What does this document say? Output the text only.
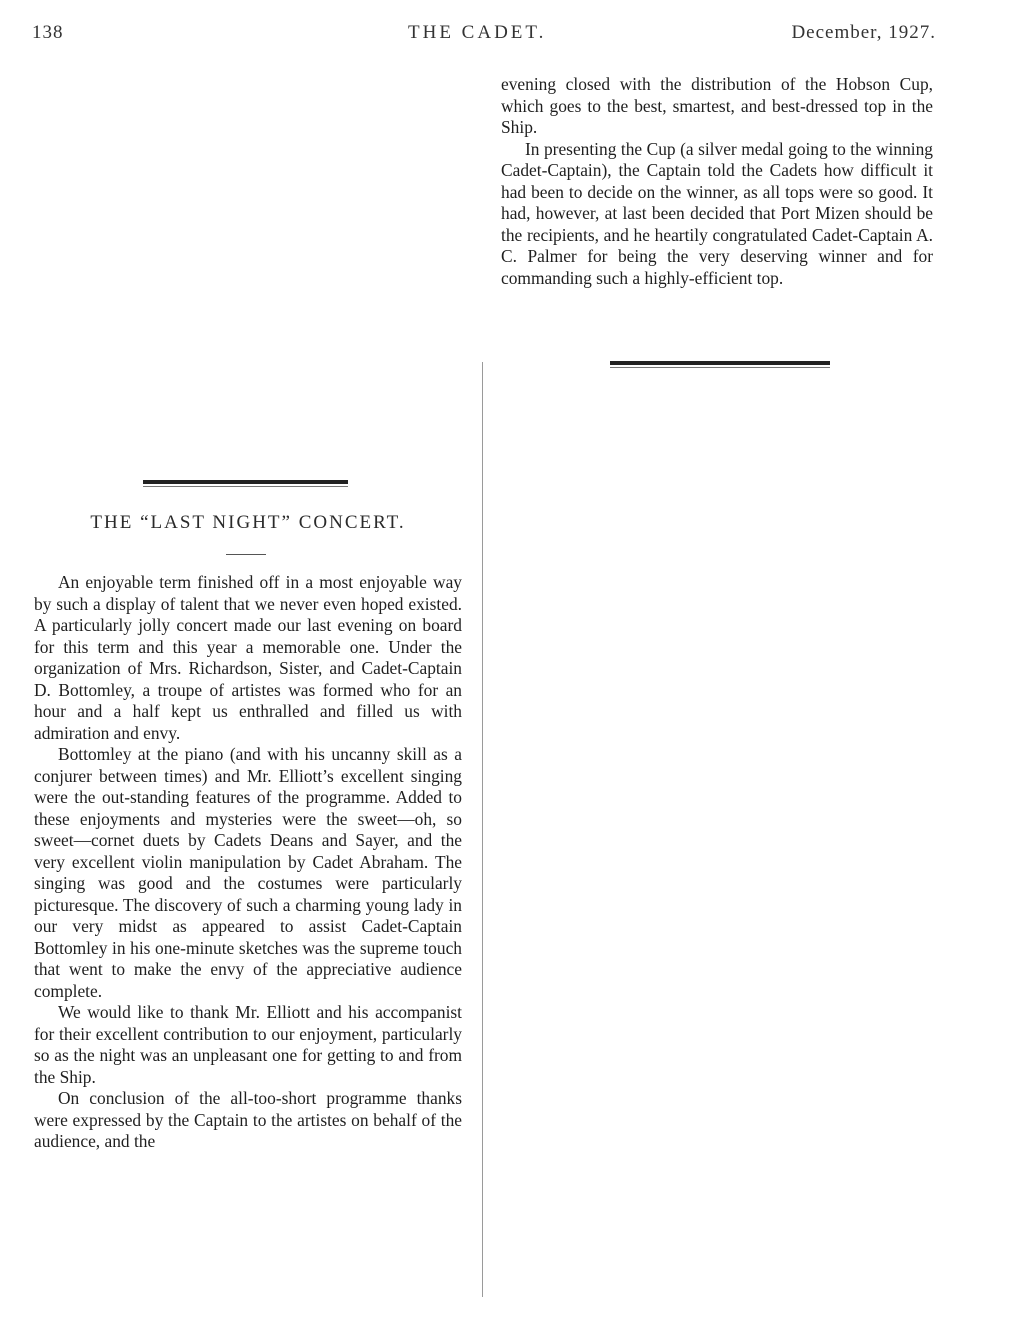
138	THE CADET.	December, 1927.

evening closed with the distribution of the Hobson Cup, which goes to the best, smartest, and best-dressed top in the Ship.

In presenting the Cup (a silver medal going to the winning Cadet-Captain), the Captain told the Cadets how difficult it had been to decide on the winner, as all tops were so good. It had, however, at last been decided that Port Mizen should be the recipients, and he heartily congratulated Cadet-Captain A. C. Palmer for being the very deserving winner and for commanding such a highly-efficient top.

THE “LAST NIGHT” CONCERT.

An enjoyable term finished off in a most enjoyable way by such a display of talent that we never even hoped existed. A particularly jolly concert made our last evening on board for this term and this year a memorable one. Under the organization of Mrs. Richardson, Sister, and Cadet-Captain D. Bottomley, a troupe of artistes was formed who for an hour and a half kept us enthralled and filled us with admiration and envy.

Bottomley at the piano (and with his uncanny skill as a conjurer between times) and Mr. Elliott’s excellent singing were the out-standing features of the programme. Added to these enjoyments and mysteries were the sweet—oh, so sweet—cornet duets by Cadets Deans and Sayer, and the very excellent violin manipulation by Cadet Abraham. The singing was good and the costumes were particularly picturesque. The discovery of such a charming young lady in our very midst as appeared to assist Cadet-Captain Bottomley in his one-minute sketches was the supreme touch that went to make the envy of the appreciative audience complete.

We would like to thank Mr. Elliott and his accompanist for their excellent contribution to our enjoyment, particularly so as the night was an unpleasant one for getting to and from the Ship.

On conclusion of the all-too-short programme thanks were expressed by the Captain to the artistes on behalf of the audience, and the
